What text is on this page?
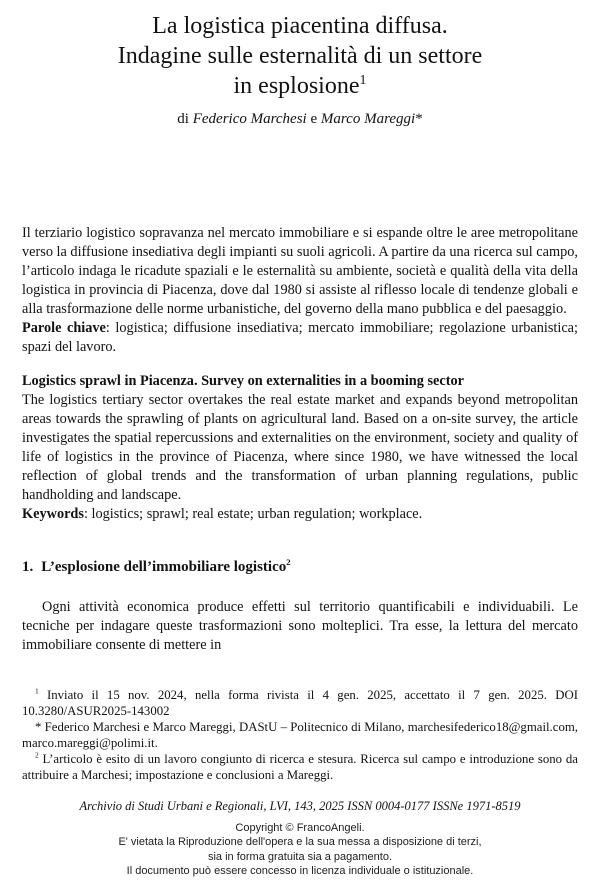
La logistica piacentina diffusa.
Indagine sulle esternalità di un settore
in esplosione$^1$
di Federico Marchesi e Marco Mareggi*

Il terziario logistico sopravanza nel mercato immobiliare e si espande oltre le aree metropolitane verso la diffusione insediativa degli impianti su suoli agricoli. A partire da una ricerca sul campo, l’articolo indaga le ricadute spaziali e le esternalità su ambiente, società e qualità della vita della logistica in provincia di Piacenza, dove dal 1980 si assiste al riflesso locale di tendenze globali e alla trasformazione delle norme urbanistiche, del governo della mano pubblica e del paesaggio.

Parole chiave: logistica; diffusione insediativa; mercato immobiliare; regolazione urbanistica; spazi del lavoro.

Logistics sprawl in Piacenza. Survey on externalities in a booming sector

The logistics tertiary sector overtakes the real estate market and expands beyond metropolitan areas towards the sprawling of plants on agricultural land. Based on a on-site survey, the article investigates the spatial repercussions and externalities on the environment, society and quality of life of logistics in the province of Piacenza, where since 1980, we have witnessed the local reflection of global trends and the transformation of urban planning regulations, public handholding and landscape.

Keywords: logistics; sprawl; real estate; urban regulation; workplace.

1. L’esplosione dell’immobiliare logistico$^2$

Ogni attività economica produce effetti sul territorio quantificabili e individuabili. Le tecniche per indagare queste trasformazioni sono molteplici. Tra esse, la lettura del mercato immobiliare consente di mettere in

$^1$ Inviato il 15 nov. 2024, nella forma rivista il 4 gen. 2025, accettato il 7 gen. 2025. DOI 10.3280/ASUR2025-143002

* Federico Marchesi e Marco Mareggi, DAStU – Politecnico di Milano, marchesifederico18@gmail.com, marco.mareggi@polimi.it.

$^2$ L’articolo è esito di un lavoro congiunto di ricerca e stesura. Ricerca sul campo e introduzione sono da attribuire a Marchesi; impostazione e conclusioni a Mareggi.

Archivio di Studi Urbani e Regionali, LVI, 143, 2025 ISSN 0004-0177 ISSNe 1971-8519
Copyright © FrancoAngeli.
E' vietata la Riproduzione dell'opera e la sua messa a disposizione di terzi,
sia in forma gratuita sia a pagamento.
Il documento può essere concesso in licenza individuale o istituzionale.
